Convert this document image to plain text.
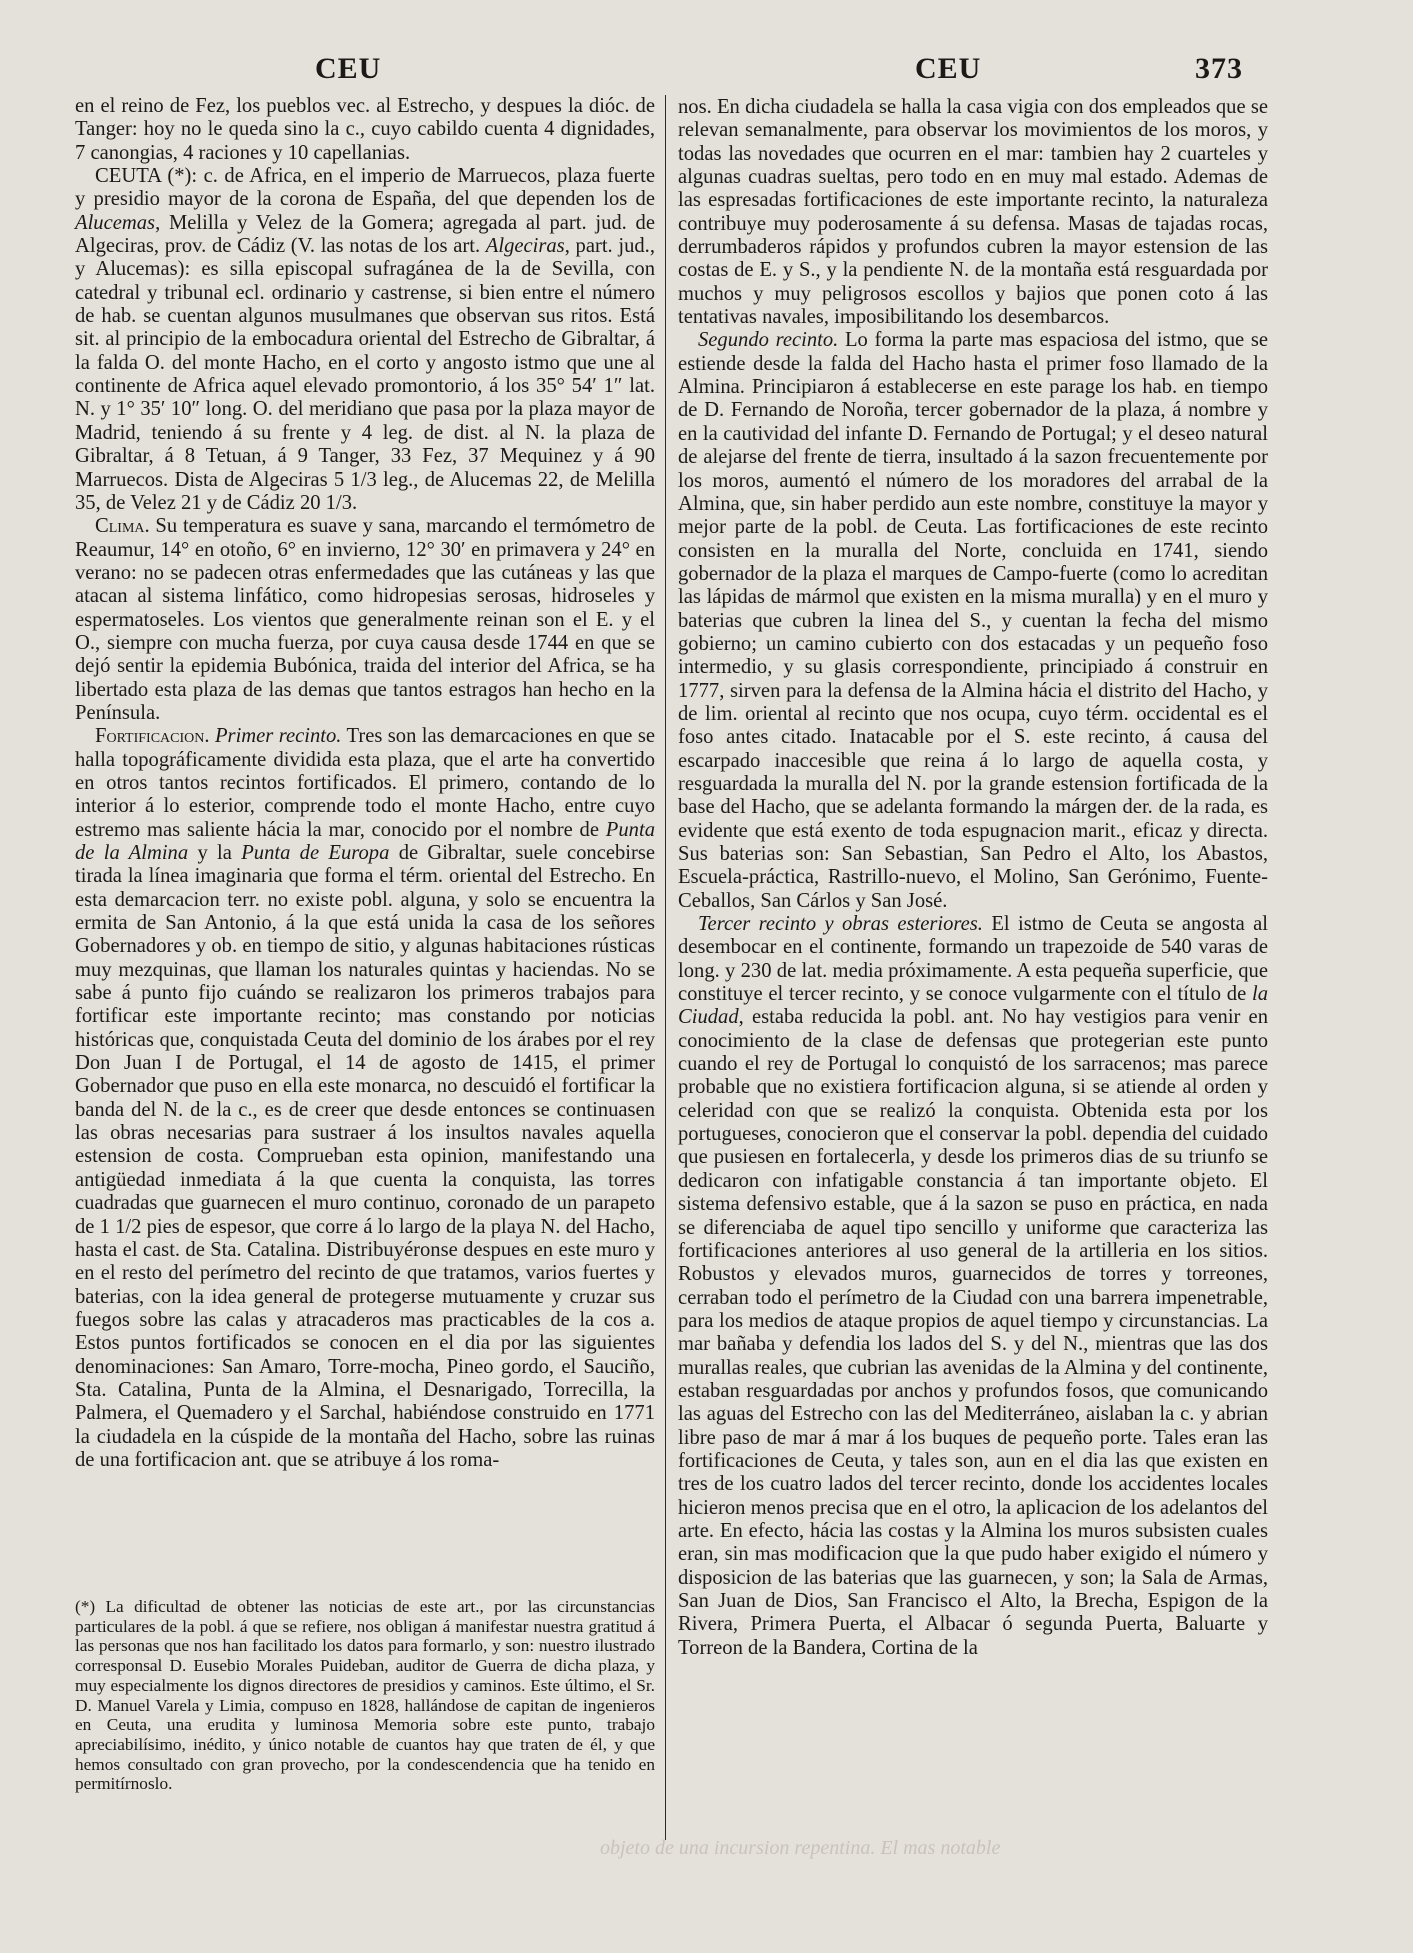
CEU	CEU	373

en el reino de Fez, los pueblos vec. al Estrecho, y despues la dióc. de Tanger: hoy no le queda sino la c., cuyo cabildo cuenta 4 dignidades, 7 canongias, 4 raciones y 10 capellanias.

CEUTA (*): c. de Africa, en el imperio de Marruecos, plaza fuerte y presidio mayor de la corona de España, del que dependen los de Alucemas, Melilla y Velez de la Gomera; agregada al part. jud. de Algeciras, prov. de Cádiz (V. las notas de los art. Algeciras, part. jud., y Alucemas): es silla episcopal sufragánea de la de Sevilla, con catedral y tribunal ecl. ordinario y castrense, si bien entre el número de hab. se cuentan algunos musulmanes que observan sus ritos. Está sit. al principio de la embocadura oriental del Estrecho de Gibraltar, á la falda O. del monte Hacho, en el corto y angosto istmo que une al continente de Africa aquel elevado promontorio, á los 35° 54′ 1″ lat. N. y 1° 35′ 10″ long. O. del meridiano que pasa por la plaza mayor de Madrid, teniendo á su frente y 4 leg. de dist. al N. la plaza de Gibraltar, á 8 Tetuan, á 9 Tanger, 33 Fez, 37 Mequinez y á 90 Marruecos. Dista de Algeciras 5 1/3 leg., de Alucemas 22, de Melilla 35, de Velez 21 y de Cádiz 20 1/3.

Clima. Su temperatura es suave y sana, marcando el termómetro de Reaumur, 14° en otoño, 6° en invierno, 12° 30′ en primavera y 24° en verano: no se padecen otras enfermedades que las cutáneas y las que atacan al sistema linfático, como hidropesias serosas, hidroseles y espermatoseles. Los vientos que generalmente reinan son el E. y el O., siempre con mucha fuerza, por cuya causa desde 1744 en que se dejó sentir la epidemia Bubónica, traida del interior del Africa, se ha libertado esta plaza de las demas que tantos estragos han hecho en la Península.

Fortificacion. Primer recinto. Tres son las demarcaciones en que se halla topográficamente dividida esta plaza, que el arte ha convertido en otros tantos recintos fortificados. El primero, contando de lo interior á lo esterior, comprende todo el monte Hacho, entre cuyo estremo mas saliente hácia la mar, conocido por el nombre de Punta de la Almina y la Punta de Europa de Gibraltar, suele concebirse tirada la línea imaginaria que forma el térm. oriental del Estrecho. En esta demarcacion terr. no existe pobl. alguna, y solo se encuentra la ermita de San Antonio, á la que está unida la casa de los señores Gobernadores y ob. en tiempo de sitio, y algunas habitaciones rústicas muy mezquinas, que llaman los naturales quintas y haciendas. No se sabe á punto fijo cuándo se realizaron los primeros trabajos para fortificar este importante recinto; mas constando por noticias históricas que, conquistada Ceuta del dominio de los árabes por el rey Don Juan I de Portugal, el 14 de agosto de 1415, el primer Gobernador que puso en ella este monarca, no descuidó el fortificar la banda del N. de la c., es de creer que desde entonces se continuasen las obras necesarias para sustraer á los insultos navales aquella estension de costa. Comprueban esta opinion, manifestando una antigüedad inmediata á la que cuenta la conquista, las torres cuadradas que guarnecen el muro continuo, coronado de un parapeto de 1 1/2 pies de espesor, que corre á lo largo de la playa N. del Hacho, hasta el cast. de Sta. Catalina. Distribuyéronse despues en este muro y en el resto del perímetro del recinto de que tratamos, varios fuertes y baterias, con la idea general de protegerse mutuamente y cruzar sus fuegos sobre las calas y atracaderos mas practicables de la cos a. Estos puntos fortificados se conocen en el dia por las siguientes denominaciones: San Amaro, Torre-mocha, Pineo gordo, el Sauciño, Sta. Catalina, Punta de la Almina, el Desnarigado, Torrecilla, la Palmera, el Quemadero y el Sarchal, habiéndose construido en 1771 la ciudadela en la cúspide de la montaña del Hacho, sobre las ruinas de una fortificacion ant. que se atribuye á los roma-

(*) La dificultad de obtener las noticias de este art., por las circunstancias particulares de la pobl. á que se refiere, nos obligan á manifestar nuestra gratitud á las personas que nos han facilitado los datos para formarlo, y son: nuestro ilustrado corresponsal D. Eusebio Morales Puideban, auditor de Guerra de dicha plaza, y muy especialmente los dignos directores de presidios y caminos. Este último, el Sr. D. Manuel Varela y Limia, compuso en 1828, hallándose de capitan de ingenieros en Ceuta, una erudita y luminosa Memoria sobre este punto, trabajo apreciabilísimo, inédito, y único notable de cuantos hay que traten de él, y que hemos consultado con gran provecho, por la condescendencia que ha tenido en permitírnoslo.

nos. En dicha ciudadela se halla la casa vigia con dos empleados que se relevan semanalmente, para observar los movimientos de los moros, y todas las novedades que ocurren en el mar: tambien hay 2 cuarteles y algunas cuadras sueltas, pero todo en en muy mal estado. Ademas de las espresadas fortificaciones de este importante recinto, la naturaleza contribuye muy poderosamente á su defensa. Masas de tajadas rocas, derrumbaderos rápidos y profundos cubren la mayor estension de las costas de E. y S., y la pendiente N. de la montaña está resguardada por muchos y muy peligrosos escollos y bajios que ponen coto á las tentativas navales, imposibilitando los desembarcos.

Segundo recinto. Lo forma la parte mas espaciosa del istmo, que se estiende desde la falda del Hacho hasta el primer foso llamado de la Almina. Principiaron á establecerse en este parage los hab. en tiempo de D. Fernando de Noroña, tercer gobernador de la plaza, á nombre y en la cautividad del infante D. Fernando de Portugal; y el deseo natural de alejarse del frente de tierra, insultado á la sazon frecuentemente por los moros, aumentó el número de los moradores del arrabal de la Almina, que, sin haber perdido aun este nombre, constituye la mayor y mejor parte de la pobl. de Ceuta. Las fortificaciones de este recinto consisten en la muralla del Norte, concluida en 1741, siendo gobernador de la plaza el marques de Campo-fuerte (como lo acreditan las lápidas de mármol que existen en la misma muralla) y en el muro y baterias que cubren la linea del S., y cuentan la fecha del mismo gobierno; un camino cubierto con dos estacadas y un pequeño foso intermedio, y su glasis correspondiente, principiado á construir en 1777, sirven para la defensa de la Almina hácia el distrito del Hacho, y de lim. oriental al recinto que nos ocupa, cuyo térm. occidental es el foso antes citado. Inatacable por el S. este recinto, á causa del escarpado inaccesible que reina á lo largo de aquella costa, y resguardada la muralla del N. por la grande estension fortificada de la base del Hacho, que se adelanta formando la márgen der. de la rada, es evidente que está exento de toda espugnacion marit., eficaz y directa. Sus baterias son: San Sebastian, San Pedro el Alto, los Abastos, Escuela-práctica, Rastrillo-nuevo, el Molino, San Gerónimo, Fuente-Ceballos, San Cárlos y San José.

Tercer recinto y obras esteriores. El istmo de Ceuta se angosta al desembocar en el continente, formando un trapezoide de 540 varas de long. y 230 de lat. media próximamente. A esta pequeña superficie, que constituye el tercer recinto, y se conoce vulgarmente con el título de la Ciudad, estaba reducida la pobl. ant. No hay vestigios para venir en conocimiento de la clase de defensas que protegerian este punto cuando el rey de Portugal lo conquistó de los sarracenos; mas parece probable que no existiera fortificacion alguna, si se atiende al orden y celeridad con que se realizó la conquista. Obtenida esta por los portugueses, conocieron que el conservar la pobl. dependia del cuidado que pusiesen en fortalecerla, y desde los primeros dias de su triunfo se dedicaron con infatigable constancia á tan importante objeto. El sistema defensivo estable, que á la sazon se puso en práctica, en nada se diferenciaba de aquel tipo sencillo y uniforme que caracteriza las fortificaciones anteriores al uso general de la artilleria en los sitios. Robustos y elevados muros, guarnecidos de torres y torreones, cerraban todo el perímetro de la Ciudad con una barrera impenetrable, para los medios de ataque propios de aquel tiempo y circunstancias. La mar bañaba y defendia los lados del S. y del N., mientras que las dos murallas reales, que cubrian las avenidas de la Almina y del continente, estaban resguardadas por anchos y profundos fosos, que comunicando las aguas del Estrecho con las del Mediterráneo, aislaban la c. y abrian libre paso de mar á mar á los buques de pequeño porte. Tales eran las fortificaciones de Ceuta, y tales son, aun en el dia las que existen en tres de los cuatro lados del tercer recinto, donde los accidentes locales hicieron menos precisa que en el otro, la aplicacion de los adelantos del arte. En efecto, hácia las costas y la Almina los muros subsisten cuales eran, sin mas modificacion que la que pudo haber exigido el número y disposicion de las baterias que las guarnecen, y son; la Sala de Armas, San Juan de Dios, San Francisco el Alto, la Brecha, Espigon de la Rivera, Primera Puerta, el Albacar ó segunda Puerta, Baluarte y Torreon de la Bandera, Cortina de la

objeto de una incursion repentina. El mas notable
